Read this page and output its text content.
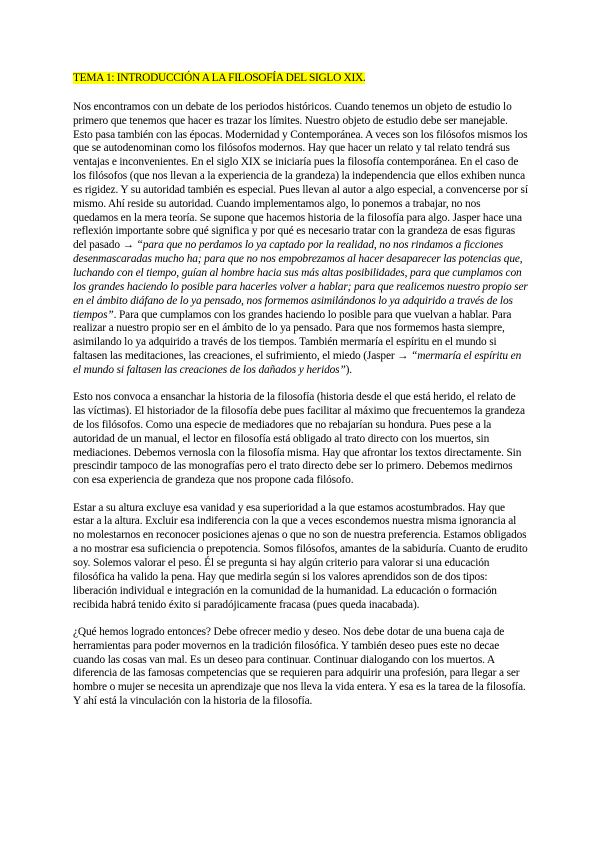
TEMA 1: INTRODUCCIÓN A LA FILOSOFÍA DEL SIGLO XIX.

Nos encontramos con un debate de los periodos históricos. Cuando tenemos un objeto de estudio lo primero que tenemos que hacer es trazar los límites. Nuestro objeto de estudio debe ser manejable. Esto pasa también con las épocas. Modernidad y Contemporánea. A veces son los filósofos mismos los que se autodenominan como los filósofos modernos. Hay que hacer un relato y tal relato tendrá sus ventajas e inconvenientes. En el siglo XIX se iniciaría pues la filosofía contemporánea. En el caso de los filósofos (que nos llevan a la experiencia de la grandeza) la independencia que ellos exhiben nunca es rigidez. Y su autoridad también es especial. Pues llevan al autor a algo especial, a convencerse por sí mismo. Ahí reside su autoridad. Cuando implementamos algo, lo ponemos a trabajar, no nos quedamos en la mera teoría. Se supone que hacemos historia de la filosofía para algo. Jasper hace una reflexión importante sobre qué significa y por qué es necesario tratar con la grandeza de esas figuras del pasado → “para que no perdamos lo ya captado por la realidad, no nos rindamos a ficciones desenmascaradas mucho ha; para que no nos empobrezamos al hacer desaparecer las potencias que, luchando con el tiempo, guían al hombre hacia sus más altas posibilidades, para que cumplamos con los grandes haciendo lo posible para hacerles volver a hablar; para que realicemos nuestro propio ser en el ámbito diáfano de lo ya pensado, nos formemos asimilándonos lo ya adquirido a través de los tiempos”. Para que cumplamos con los grandes haciendo lo posible para que vuelvan a hablar. Para realizar a nuestro propio ser en el ámbito de lo ya pensado. Para que nos formemos hasta siempre, asimilando lo ya adquirido a través de los tiempos. También mermaría el espíritu en el mundo si faltasen las meditaciones, las creaciones, el sufrimiento, el miedo (Jasper → “mermaría el espíritu en el mundo si faltasen las creaciones de los dañados y heridos”).

Esto nos convoca a ensanchar la historia de la filosofía (historia desde el que está herido, el relato de las víctimas). El historiador de la filosofía debe pues facilitar al máximo que frecuentemos la grandeza de los filósofos. Como una especie de mediadores que no rebajarían su hondura. Pues pese a la autoridad de un manual, el lector en filosofía está obligado al trato directo con los muertos, sin mediaciones. Debemos vernosla con la filosofía misma. Hay que afrontar los textos directamente. Sin prescindir tampoco de las monografías pero el trato directo debe ser lo primero. Debemos medirnos con esa experiencia de grandeza que nos propone cada filósofo.

Estar a su altura excluye esa vanidad y esa superioridad a la que estamos acostumbrados. Hay que estar a la altura. Excluir esa indiferencia con la que a veces escondemos nuestra misma ignorancia al no molestarnos en reconocer posiciones ajenas o que no son de nuestra preferencia. Estamos obligados a no mostrar esa suficiencia o prepotencia. Somos filósofos, amantes de la sabiduría. Cuanto de erudito soy. Solemos valorar el peso. Él se pregunta si hay algún criterio para valorar si una educación filosófica ha valido la pena. Hay que medirla según si los valores aprendidos son de dos tipos: liberación individual e integración en la comunidad de la humanidad. La educación o formación recibida habrá tenido éxito si paradójicamente fracasa (pues queda inacabada).

¿Qué hemos logrado entonces? Debe ofrecer medio y deseo. Nos debe dotar de una buena caja de herramientas para poder movernos en la tradición filosófica. Y también deseo pues este no decae cuando las cosas van mal. Es un deseo para continuar. Continuar dialogando con los muertos. A diferencia de las famosas competencias que se requieren para adquirir una profesión, para llegar a ser hombre o mujer se necesita un aprendizaje que nos lleva la vida entera. Y esa es la tarea de la filosofía. Y ahí está la vinculación con la historia de la filosofía.
